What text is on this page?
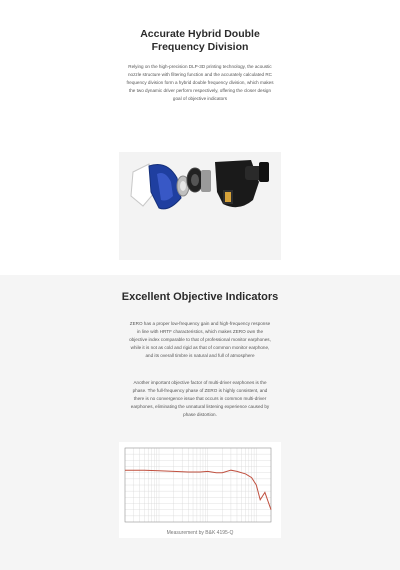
Accurate Hybrid Double
Frequency Division
Relying on the high-precision DLP-3D printing technology, the acoustic nozzle structure with filtering function and the accurately calculated RC frequency division form a hybrid double frequency division, which makes the two dynamic driver perform respectively, offering the closer design goal of objective indicators
Excellent Objective Indicators
ZERO has a proper low-frequency gain and high-frequency response in line with HRTF characteristics, which makes ZERO own the objective index comparable to that of professional monitor earphones, while it is not as cold and rigid as that of common monitor earphone, and its overall timbre is natural and full of atmosphere
Another important objective factor of multi-driver earphones is the phase. The full-frequency phase of ZERO is highly consistent, and there is no convergence issue that occurs in common multi-driver earphones, eliminating the unnatural listening experience caused by phase distortion.
Measurement by B&K 4195-Q
